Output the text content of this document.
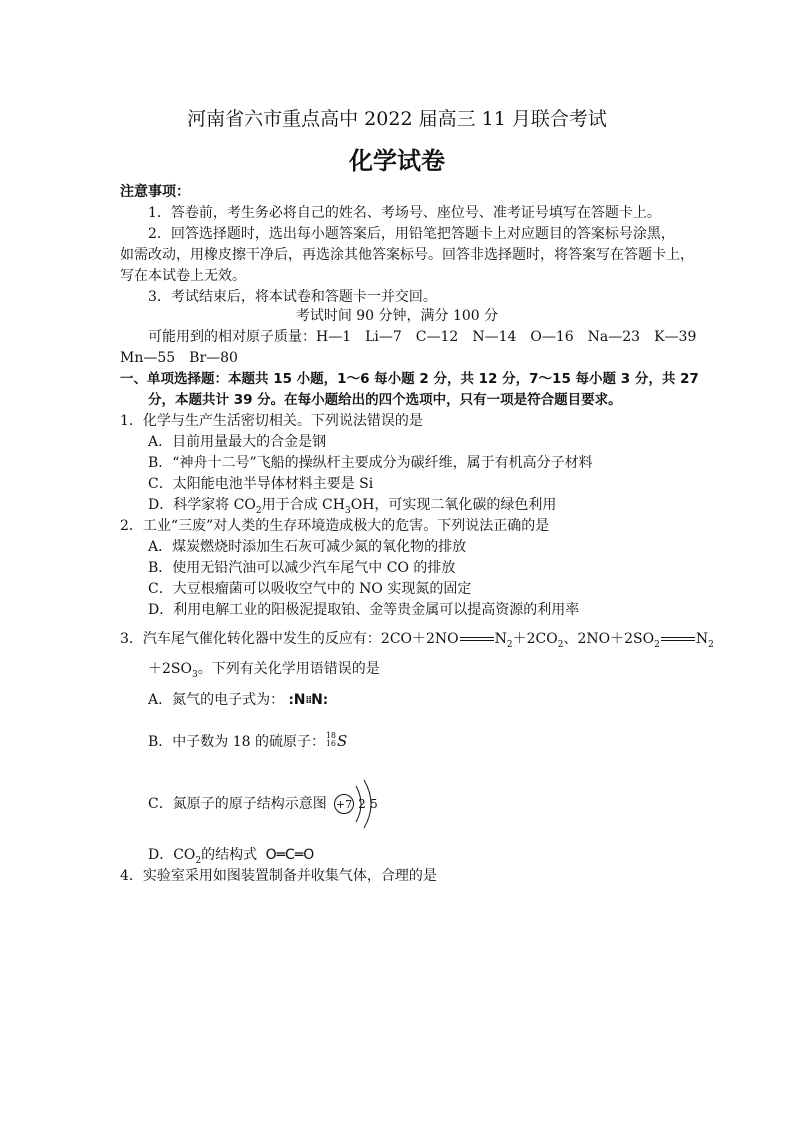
河南省六市重点高中 2022 届高三 11 月联合考试
化学试卷
注意事项：
1．答卷前，考生务必将自己的姓名、考场号、座位号、准考证号填写在答题卡上。
2．回答选择题时，选出每小题答案后，用铅笔把答题卡上对应题目的答案标号涂黑，
如需改动，用橡皮擦干净后，再选涂其他答案标号。回答非选择题时，将答案写在答题卡上，
写在本试卷上无效。
3．考试结束后，将本试卷和答题卡一并交回。
考试时间 90 分钟，满分 100 分
可能用到的相对原子质量：H—1　Li—7　C—12　N—14　O—16　Na—23　K—39
Mn—55　Br—80
一、单项选择题：本题共 15 小题，1～6 每小题 2 分，共 12 分，7～15 每小题 3 分，共 27
分，本题共计 39 分。在每小题给出的四个选项中，只有一项是符合题目要求。
1．化学与生产生活密切相关。下列说法错误的是
A．目前用量最大的合金是钢
B．“神舟十二号”飞船的操纵杆主要成分为碳纤维，属于有机高分子材料
C．太阳能电池半导体材料主要是 Si
D．科学家将 $CO_2$用于合成 $CH_3OH$，可实现二氧化碳的绿色利用
2．工业“三废”对人类的生存环境造成极大的危害。下列说法正确的是
A．煤炭燃烧时添加生石灰可减少氮的氧化物的排放
B．使用无铅汽油可以减少汽车尾气中 CO 的排放
C．大豆根瘤菌可以吸收空气中的 NO 实现氮的固定
D．利用电解工业的阳极泥提取铂、金等贵金属可以提高资源的利用率
3．汽车尾气催化转化器中发生的反应有：2CO＋2NO	$N_2+2CO_2$、$2NO+2SO_2$	$N_2$
$+2SO_3$。下列有关化学用语错误的是
A．氮气的电子式为： :N⁞⁞N:
B．中子数为 18 的硫原子： 18
16 S
C．氮原子的原子结构示意图 +7 2 5
D．$CO_2$的结构式 O═C═O
4．实验室采用如图装置制备并收集气体，合理的是
